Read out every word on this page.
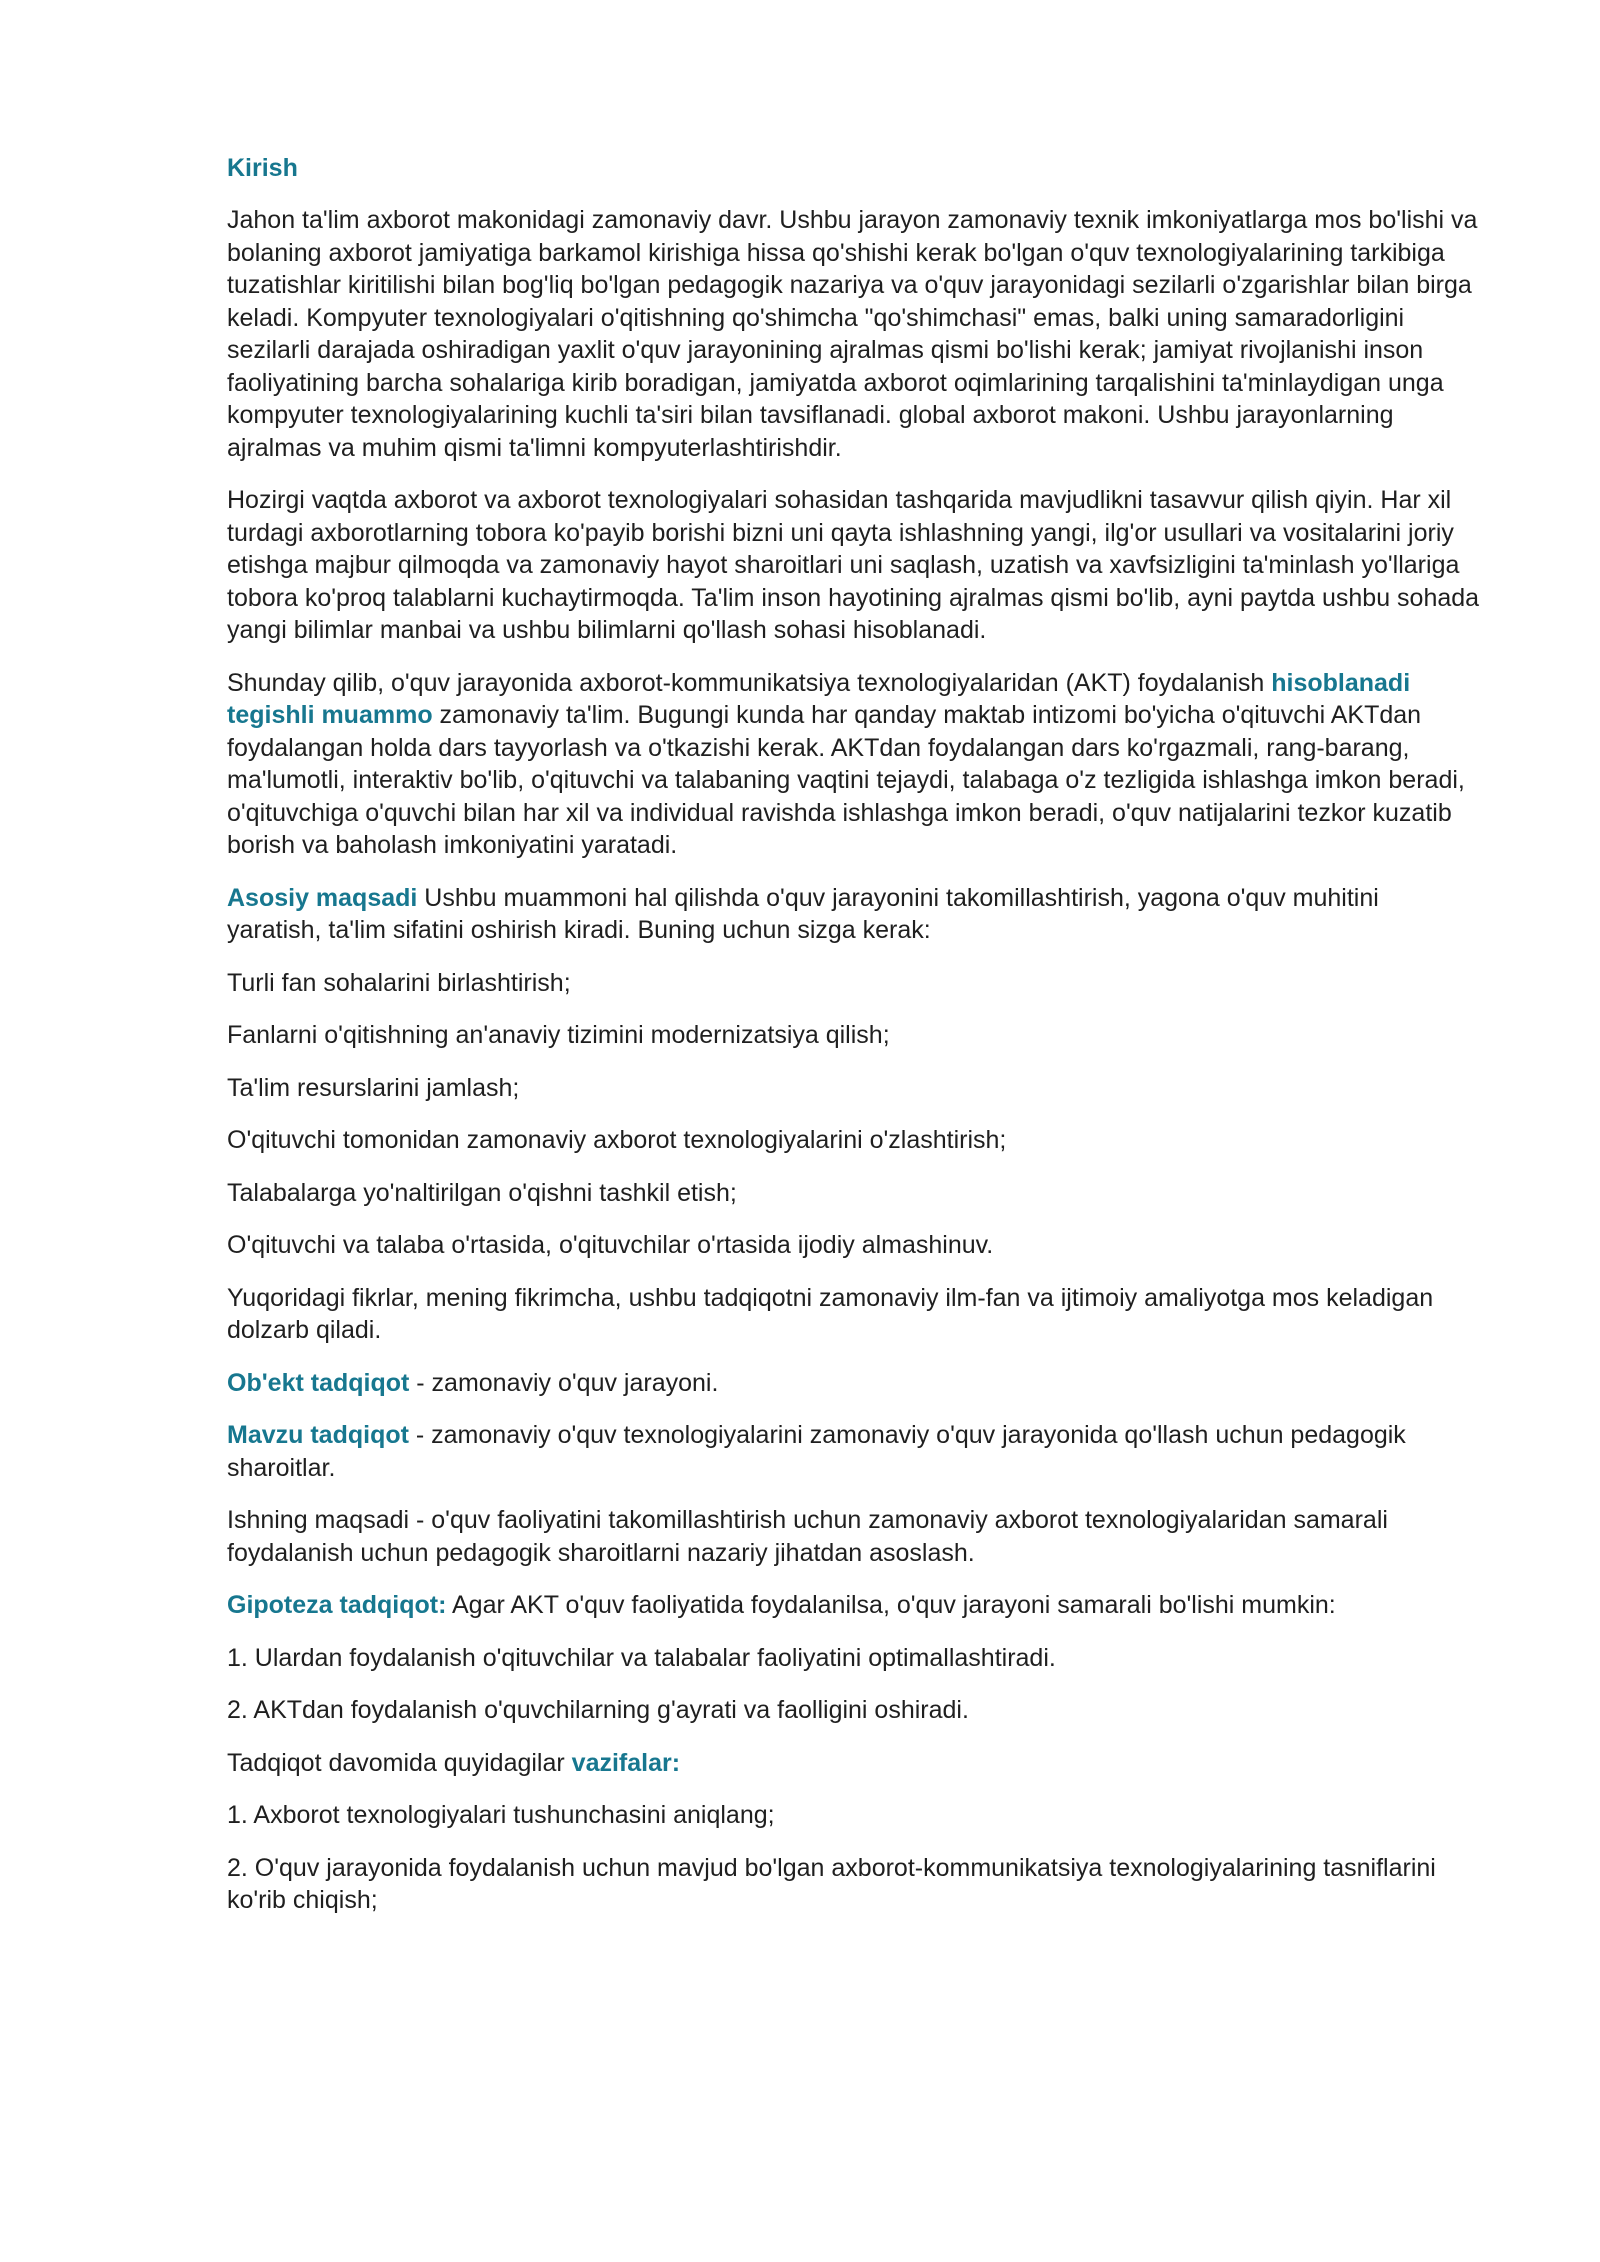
Kirish

Jahon ta'lim axborot makonidagi zamonaviy davr. Ushbu jarayon zamonaviy texnik imkoniyatlarga mos bo'lishi va bolaning axborot jamiyatiga barkamol kirishiga hissa qo'shishi kerak bo'lgan o'quv texnologiyalarining tarkibiga tuzatishlar kiritilishi bilan bog'liq bo'lgan pedagogik nazariya va o'quv jarayonidagi sezilarli o'zgarishlar bilan birga keladi. Kompyuter texnologiyalari o'qitishning qo'shimcha "qo'shimchasi" emas, balki uning samaradorligini sezilarli darajada oshiradigan yaxlit o'quv jarayonining ajralmas qismi bo'lishi kerak; jamiyat rivojlanishi inson faoliyatining barcha sohalariga kirib boradigan, jamiyatda axborot oqimlarining tarqalishini ta'minlaydigan unga kompyuter texnologiyalarining kuchli ta'siri bilan tavsiflanadi. global axborot makoni. Ushbu jarayonlarning ajralmas va muhim qismi ta'limni kompyuterlashtirishdir.

Hozirgi vaqtda axborot va axborot texnologiyalari sohasidan tashqarida mavjudlikni tasavvur qilish qiyin. Har xil turdagi axborotlarning tobora ko'payib borishi bizni uni qayta ishlashning yangi, ilg'or usullari va vositalarini joriy etishga majbur qilmoqda va zamonaviy hayot sharoitlari uni saqlash, uzatish va xavfsizligini ta'minlash yo'llariga tobora ko'proq talablarni kuchaytirmoqda. Ta'lim inson hayotining ajralmas qismi bo'lib, ayni paytda ushbu sohada yangi bilimlar manbai va ushbu bilimlarni qo'llash sohasi hisoblanadi.

Shunday qilib, o'quv jarayonida axborot-kommunikatsiya texnologiyalaridan (AKT) foydalanish hisoblanadi tegishli muammo zamonaviy ta'lim. Bugungi kunda har qanday maktab intizomi bo'yicha o'qituvchi AKTdan foydalangan holda dars tayyorlash va o'tkazishi kerak. AKTdan foydalangan dars ko'rgazmali, rang-barang, ma'lumotli, interaktiv bo'lib, o'qituvchi va talabaning vaqtini tejaydi, talabaga o'z tezligida ishlashga imkon beradi, o'qituvchiga o'quvchi bilan har xil va individual ravishda ishlashga imkon beradi, o'quv natijalarini tezkor kuzatib borish va baholash imkoniyatini yaratadi.

Asosiy maqsadi Ushbu muammoni hal qilishda o'quv jarayonini takomillashtirish, yagona o'quv muhitini yaratish, ta'lim sifatini oshirish kiradi. Buning uchun sizga kerak:

Turli fan sohalarini birlashtirish;

Fanlarni o'qitishning an'anaviy tizimini modernizatsiya qilish;

Ta'lim resurslarini jamlash;

O'qituvchi tomonidan zamonaviy axborot texnologiyalarini o'zlashtirish;

Talabalarga yo'naltirilgan o'qishni tashkil etish;

O'qituvchi va talaba o'rtasida, o'qituvchilar o'rtasida ijodiy almashinuv.

Yuqoridagi fikrlar, mening fikrimcha, ushbu tadqiqotni zamonaviy ilm-fan va ijtimoiy amaliyotga mos keladigan dolzarb qiladi.

Ob'ekt tadqiqot - zamonaviy o'quv jarayoni.

Mavzu tadqiqot - zamonaviy o'quv texnologiyalarini zamonaviy o'quv jarayonida qo'llash uchun pedagogik sharoitlar.

Ishning maqsadi - o'quv faoliyatini takomillashtirish uchun zamonaviy axborot texnologiyalaridan samarali foydalanish uchun pedagogik sharoitlarni nazariy jihatdan asoslash.

Gipoteza tadqiqot: Agar AKT o'quv faoliyatida foydalanilsa, o'quv jarayoni samarali bo'lishi mumkin:

1. Ulardan foydalanish o'qituvchilar va talabalar faoliyatini optimallashtiradi.

2. AKTdan foydalanish o'quvchilarning g'ayrati va faolligini oshiradi.

Tadqiqot davomida quyidagilar vazifalar:

1. Axborot texnologiyalari tushunchasini aniqlang;

2. O'quv jarayonida foydalanish uchun mavjud bo'lgan axborot-kommunikatsiya texnologiyalarining tasniflarini ko'rib chiqish;
